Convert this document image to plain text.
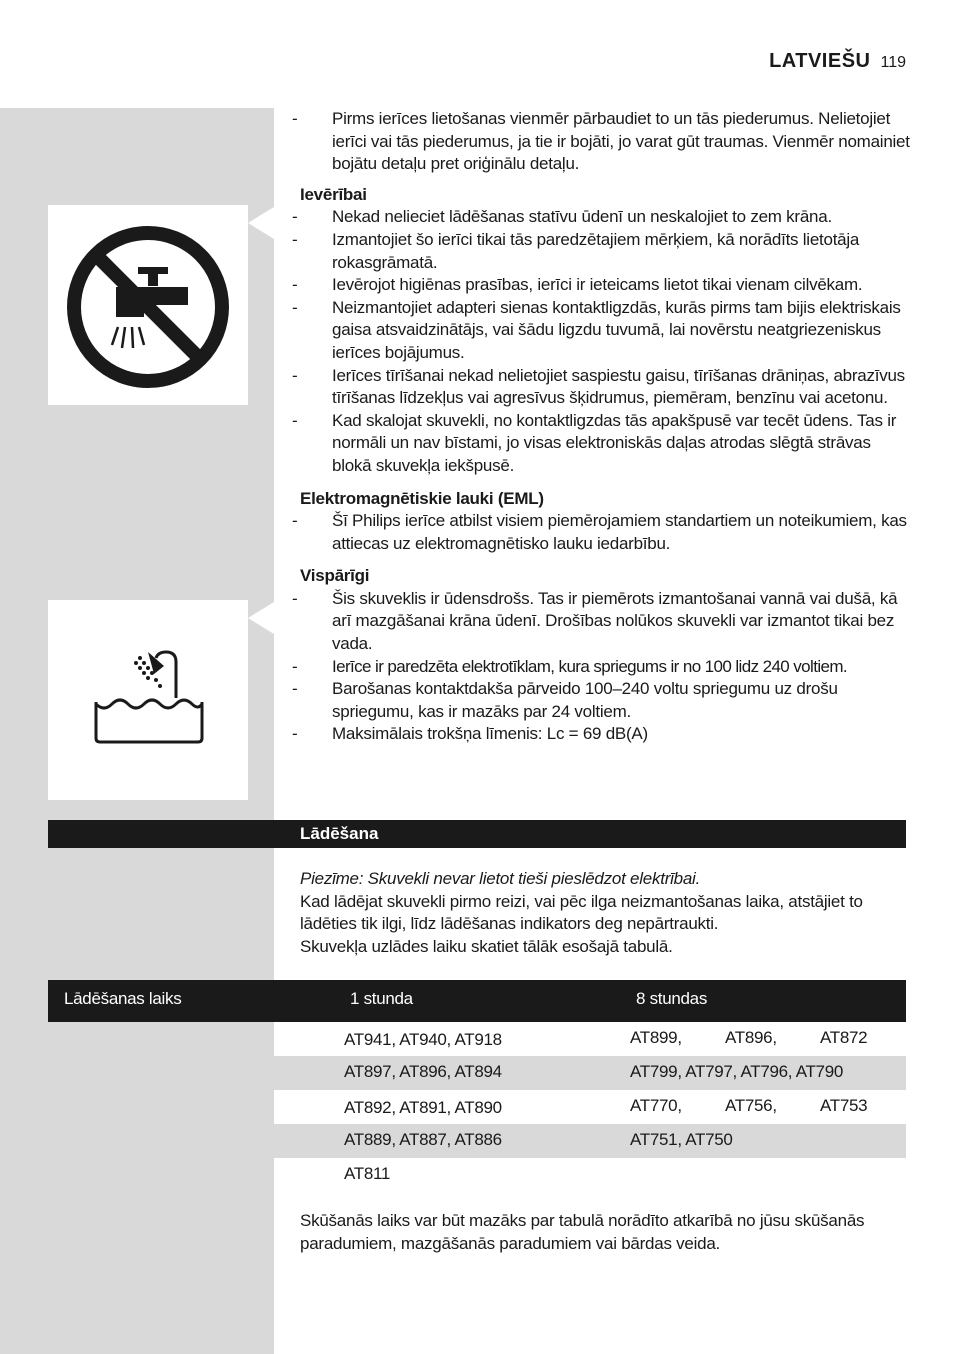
LATVIEŠU 119
- Pirms ierīces lietošanas vienmēr pārbaudiet to un tās piederumus. Nelietojiet ierīci vai tās piederumus, ja tie ir bojāti, jo varat gūt traumas. Vienmēr nomainiet bojātu detaļu pret oriģinālu detaļu.
Ievērībai
- Nekad nelieciet lādēšanas statīvu ūdenī un neskalojiet to zem krāna.
- Izmantojiet šo ierīci tikai tās paredzētajiem mērķiem, kā norādīts lietotāja rokasgrāmatā.
- Ievērojot higiēnas prasības, ierīci ir ieteicams lietot tikai vienam cilvēkam.
- Neizmantojiet adapteri sienas kontaktligzdās, kurās pirms tam bijis elektriskais gaisa atsvaidzinātājs, vai šādu ligzdu tuvumā, lai novērstu neatgriezeniskus ierīces bojājumus.
- Ierīces tīrīšanai nekad nelietojiet saspiestu gaisu, tīrīšanas drāniņas, abrazīvus tīrīšanas līdzekļus vai agresīvus šķidrumus, piemēram, benzīnu vai acetonu.
- Kad skalojat skuvekli, no kontaktligzdas tās apakšpusē var tecēt ūdens. Tas ir normāli un nav bīstami, jo visas elektroniskās daļas atrodas slēgtā strāvas blokā skuvekļa iekšpusē.
Elektromagnētiskie lauki (EML)
- Šī Philips ierīce atbilst visiem piemērojamiem standartiem un noteikumiem, kas attiecas uz elektromagnētisko lauku iedarbību.
Vispārīgi
- Šis skuveklis ir ūdensdrošs. Tas ir piemērots izmantošanai vannā vai dušā, kā arī mazgāšanai krāna ūdenī. Drošības nolūkos skuvekli var izmantot tikai bez vada.
- Ierīce ir paredzēta elektrotīklam, kura spriegums ir no 100 lidz 240 voltiem.
- Barošanas kontaktdakša pārveido 100–240 voltu spriegumu uz drošu spriegumu, kas ir mazāks par 24 voltiem.
- Maksimālais trokšņa līmenis: Lc = 69 dB(A)
Lādēšana
Piezīme: Skuvekli nevar lietot tieši pieslēdzot elektrībai.
Kad lādējat skuvekli pirmo reizi, vai pēc ilga neizmantošanas laika, atstājiet to lādēties tik ilgi, līdz lādēšanas indikators deg nepārtraukti.
Skuvekļa uzlādes laiku skatiet tālāk esošajā tabulā.
Lādēšanas laiks	1 stunda	8 stundas
AT941, AT940, AT918	AT899,	AT896,	AT872
AT897, AT896, AT894	AT799, AT797, AT796, AT790
AT892, AT891, AT890	AT770,	AT756,	AT753
AT889, AT887, AT886	AT751, AT750
AT811
Skūšanās laiks var būt mazāks par tabulā norādīto atkarībā no jūsu skūšanās paradumiem, mazgāšanās paradumiem vai bārdas veida.
